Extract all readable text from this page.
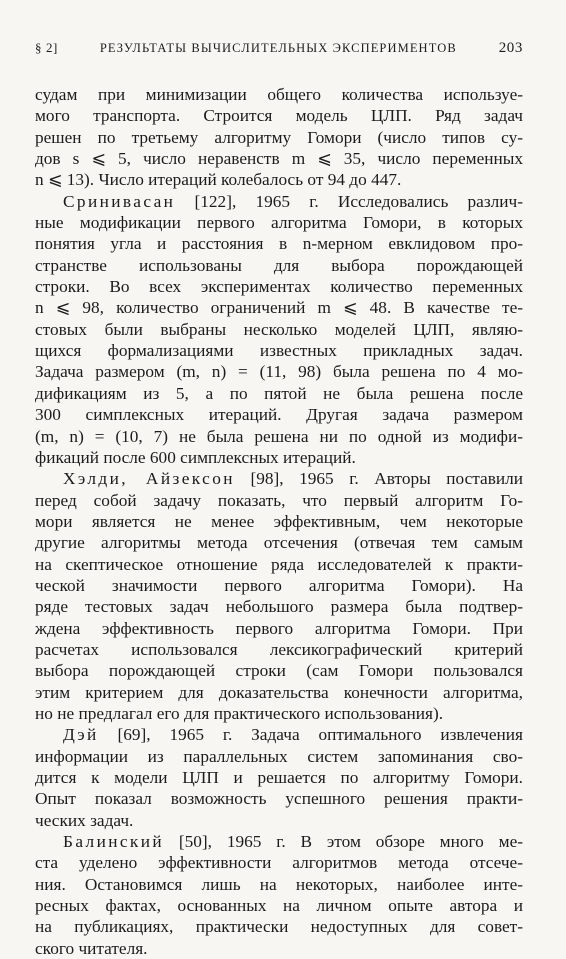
§ 2]	РЕЗУЛЬТАТЫ ВЫЧИСЛИТЕЛЬНЫХ ЭКСПЕРИМЕНТОВ	203
судам при минимизации общего количества используе-
мого транспорта. Строится модель ЦЛП. Ряд задач
решен по третьему алгоритму Гомори (число типов су-
дов s ⩽ 5, число неравенств m ⩽ 35, число переменных
n ⩽ 13). Число итераций колебалось от 94 до 447.
Сринивасан [122], 1965 г. Исследовались различ-
ные модификации первого алгоритма Гомори, в которых
понятия угла и расстояния в n-мерном евклидовом про-
странстве использованы для выбора порождающей
строки. Во всех экспериментах количество переменных
n ⩽ 98, количество ограничений m ⩽ 48. В качестве те-
стовых были выбраны несколько моделей ЦЛП, являю-
щихся формализациями известных прикладных задач.
Задача размером (m, n) = (11, 98) была решена по 4 мо-
дификациям из 5, а по пятой не была решена после
300 симплексных итераций. Другая задача размером
(m, n) = (10, 7) не была решена ни по одной из модифи-
фикаций после 600 симплексных итераций.
Хэлди, Айзексон [98], 1965 г. Авторы поставили
перед собой задачу показать, что первый алгоритм Го-
мори является не менее эффективным, чем некоторые
другие алгоритмы метода отсечения (отвечая тем самым
на скептическое отношение ряда исследователей к практи-
ческой значимости первого алгоритма Гомори). На
ряде тестовых задач небольшого размера была подтвер-
ждена эффективность первого алгоритма Гомори. При
расчетах использовался лексикографический критерий
выбора порождающей строки (сам Гомори пользовался
этим критерием для доказательства конечности алгоритма,
но не предлагал его для практического использования).
Дэй [69], 1965 г. Задача оптимального извлечения
информации из параллельных систем запоминания сво-
дится к модели ЦЛП и решается по алгоритму Гомори.
Опыт показал возможность успешного решения практи-
ческих задач.
Балинский [50], 1965 г. В этом обзоре много ме-
ста уделено эффективности алгоритмов метода отсече-
ния. Остановимся лишь на некоторых, наиболее инте-
ресных фактах, основанных на личном опыте автора и
на публикациях, практически недоступных для совет-
ского читателя.
